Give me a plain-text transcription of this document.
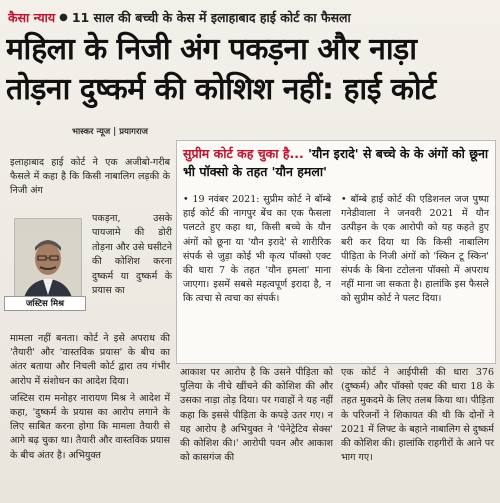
कैसा न्याय ● 11 साल की बच्ची के केस में इलाहाबाद हाई कोर्ट का फैसला
महिला के निजी अंग पकड़ना और नाड़ा
तोड़ना दुष्कर्म की कोशिश नहीं: हाई कोर्ट
भास्कर न्यूज | प्रयागराज

इलाहाबाद हाई कोर्ट ने एक अजीबो-गरीब फैसले में कहा है कि किसी नाबालिग लड़की के निजी अंग

जस्टिस मिश्र
पकड़ना, उसके पायजामे की डोरी तोड़ना और उसे घसीटने की कोशिश करना दुष्कर्म या दुष्कर्म के प्रयास का

मामला नहीं बनता। कोर्ट ने इसे अपराध की 'तैयारी' और 'वास्तविक प्रयास' के बीच का अंतर बताया और निचली कोर्ट द्वारा तय गंभीर आरोप में संशोधन का आदेश दिया।

जस्टिस राम मनोहर नारायण मिश्र ने आदेश में कहा, 'दुष्कर्म के प्रयास का आरोप लगाने के लिए साबित करना होगा कि मामला तैयारी से आगे बढ़ चुका था। तैयारी और वास्तविक प्रयास के बीच अंतर है। अभियुक्त

सुप्रीम कोर्ट कह चुका है... 'यौन इरादे' से बच्चे के के अंगों को छूना भी पॉक्सो के तहत 'यौन हमला'
• 19 नवंबर 2021: सुप्रीम कोर्ट ने बॉम्बे हाई कोर्ट की नागपुर बेंच का एक फैसला पलटते हुए कहा था, किसी बच्चे के यौन अंगों को छूना या 'यौन इरादे' से शारीरिक संपर्क से जुड़ा कोई भी कृत्य पॉक्सो एक्ट की धारा 7 के तहत 'यौन हमला' माना जाएगा। इसमें सबसे महत्वपूर्ण इरादा है, न कि त्वचा से त्वचा का संपर्क।
• बॉम्बे हाई कोर्ट की एडिशनल जज पुष्पा गनेडीवाला ने जनवरी 2021 में यौन उत्पीड़न के एक आरोपी को यह कहते हुए बरी कर दिया था कि किसी नाबालिग पीड़िता के निजी अंगों को 'स्किन टू स्किन' संपर्क के बिना टटोलना पॉक्सो में अपराध नहीं माना जा सकता है। हालांकि इस फैसले को सुप्रीम कोर्ट ने पलट दिया।
आकाश पर आरोप है कि उसने पीड़िता को पुलिया के नीचे खींचने की कोशिश की और उसका नाड़ा तोड़ दिया। पर गवाहों ने यह नहीं कहा कि इससे पीड़िता के कपड़े उतर गए। न यह आरोप है अभियुक्त ने 'पेनेट्रेटिव सेक्स' की कोशिश की।' आरोपी पवन और आकाश को कासगंज की
एक कोर्ट ने आईपीसी की धारा 376 (दुष्कर्म) और पॉक्सो एक्ट की धारा 18 के तहत मुकदमे के लिए तलब किया था। पीड़िता के परिजनों ने शिकायत की थी कि दोनों ने 2021 में लिफ्ट के बहाने नाबालिग से दुष्कर्म की कोशिश की। हालांकि राहगीरों के आने पर भाग गए।
